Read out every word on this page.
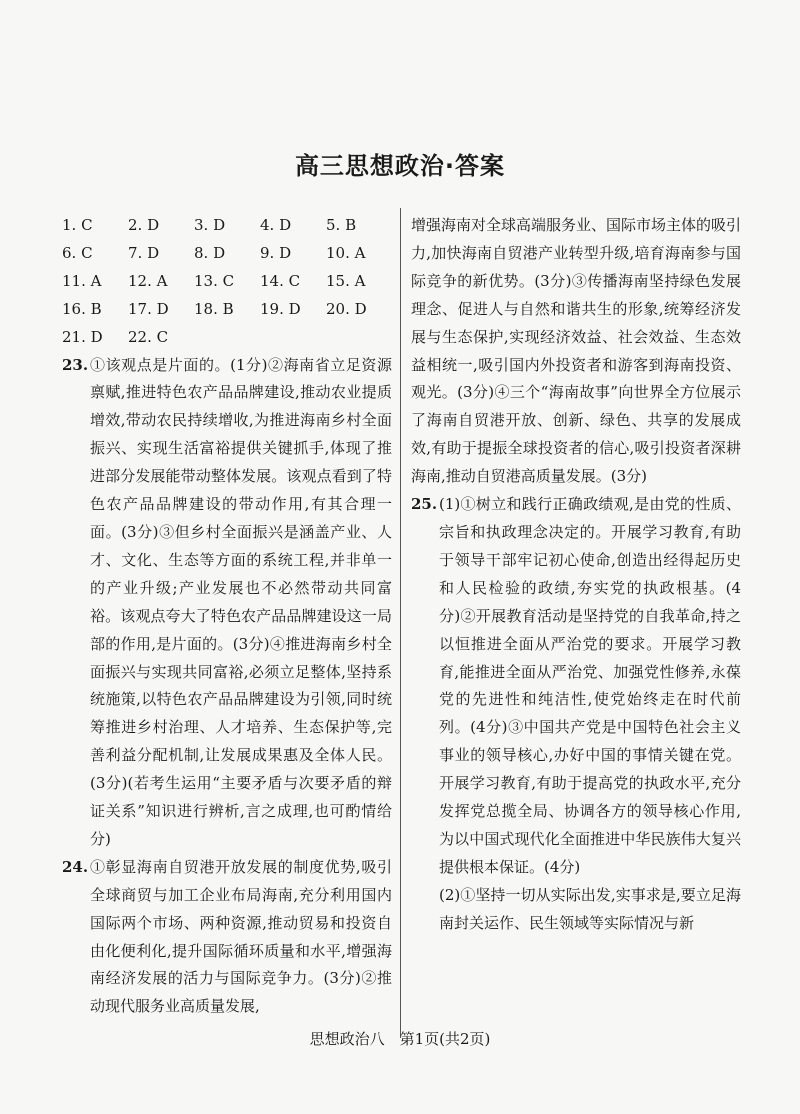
高三思想政治·答案
1. C	2. D	3. D	4. D	5. B
6. C	7. D	8. D	9. D	10. A
11. A	12. A	13. C	14. C	15. A
16. B	17. D	18. B	19. D	20. D
21. D	22. C
23. ①该观点是片面的。(1分)②海南省立足资源禀赋,推进特色农产品品牌建设,推动农业提质增效,带动农民持续增收,为推进海南乡村全面振兴、实现生活富裕提供关键抓手,体现了推进部分发展能带动整体发展。该观点看到了特色农产品品牌建设的带动作用,有其合理一面。(3分)③但乡村全面振兴是涵盖产业、人才、文化、生态等方面的系统工程,并非单一的产业升级;产业发展也不必然带动共同富裕。该观点夸大了特色农产品品牌建设这一局部的作用,是片面的。(3分)④推进海南乡村全面振兴与实现共同富裕,必须立足整体,坚持系统施策,以特色农产品品牌建设为引领,同时统筹推进乡村治理、人才培养、生态保护等,完善利益分配机制,让发展成果惠及全体人民。(3分)(若考生运用“主要矛盾与次要矛盾的辩证关系”知识进行辨析,言之成理,也可酌情给分)
24. ①彰显海南自贸港开放发展的制度优势,吸引全球商贸与加工企业布局海南,充分利用国内国际两个市场、两种资源,推动贸易和投资自由化便利化,提升国际循环质量和水平,增强海南经济发展的活力与国际竞争力。(3分)②推动现代服务业高质量发展,
增强海南对全球高端服务业、国际市场主体的吸引力,加快海南自贸港产业转型升级,培育海南参与国际竞争的新优势。(3分)③传播海南坚持绿色发展理念、促进人与自然和谐共生的形象,统筹经济发展与生态保护,实现经济效益、社会效益、生态效益相统一,吸引国内外投资者和游客到海南投资、观光。(3分)④三个“海南故事”向世界全方位展示了海南自贸港开放、创新、绿色、共享的发展成效,有助于提振全球投资者的信心,吸引投资者深耕海南,推动自贸港高质量发展。(3分)
25. (1)①树立和践行正确政绩观,是由党的性质、宗旨和执政理念决定的。开展学习教育,有助于领导干部牢记初心使命,创造出经得起历史和人民检验的政绩,夯实党的执政根基。(4分)②开展教育活动是坚持党的自我革命,持之以恒推进全面从严治党的要求。开展学习教育,能推进全面从严治党、加强党性修养,永葆党的先进性和纯洁性,使党始终走在时代前列。(4分)③中国共产党是中国特色社会主义事业的领导核心,办好中国的事情关键在党。开展学习教育,有助于提高党的执政水平,充分发挥党总揽全局、协调各方的领导核心作用,为以中国式现代化全面推进中华民族伟大复兴提供根本保证。(4分)
(2)①坚持一切从实际出发,实事求是,要立足海南封关运作、民生领域等实际情况与新
思想政治八　第1页(共2页)
